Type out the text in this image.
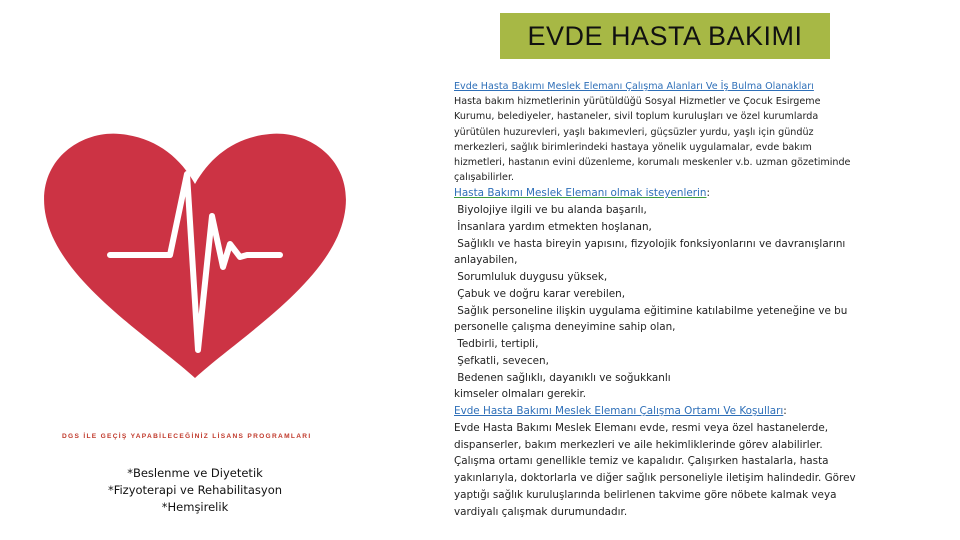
EVDE HASTA BAKIMI
DGS İLE GEÇİŞ YAPABİLECEĞİNİZ LİSANS PROGRAMLARI
*Beslenme ve Diyetetik
*Fizyoterapi ve Rehabilitasyon
*Hemşirelik
Evde Hasta Bakımı Meslek Elemanı Çalışma Alanları Ve İş Bulma Olanakları
Hasta bakım hizmetlerinin yürütüldüğü Sosyal Hizmetler ve Çocuk Esirgeme
Kurumu, belediyeler, hastaneler, sivil toplum kuruluşları ve özel kurumlarda
yürütülen huzurevleri, yaşlı bakımevleri, güçsüzler yurdu, yaşlı için gündüz
merkezleri, sağlık birimlerindeki hastaya yönelik uygulamalar, evde bakım
hizmetleri, hastanın evini düzenleme, korumalı meskenler v.b. uzman gözetiminde
çalışabilirler.
Hasta Bakımı Meslek Elemanı olmak isteyenlerin:
Biyolojiye ilgili ve bu alanda başarılı,
İnsanlara yardım etmekten hoşlanan,
Sağlıklı ve hasta bireyin yapısını, fizyolojik fonksiyonlarını ve davranışlarını
anlayabilen,
Sorumluluk duygusu yüksek,
Çabuk ve doğru karar verebilen,
Sağlık personeline ilişkin uygulama eğitimine katılabilme yeteneğine ve bu
personelle çalışma deneyimine sahip olan,
Tedbirli, tertipli,
Şefkatli, sevecen,
Bedenen sağlıklı, dayanıklı ve soğukkanlı
kimseler olmaları gerekir.
Evde Hasta Bakımı Meslek Elemanı Çalışma Ortamı Ve Koşulları:
Evde Hasta Bakımı Meslek Elemanı evde, resmi veya özel hastanelerde,
dispanserler, bakım merkezleri ve aile hekimliklerinde görev alabilirler.
Çalışma ortamı genellikle temiz ve kapalıdır. Çalışırken hastalarla, hasta
yakınlarıyla, doktorlarla ve diğer sağlık personeliyle iletişim halindedir. Görev
yaptığı sağlık kuruluşlarında belirlenen takvime göre nöbete kalmak veya
vardiyalı çalışmak durumundadır.
